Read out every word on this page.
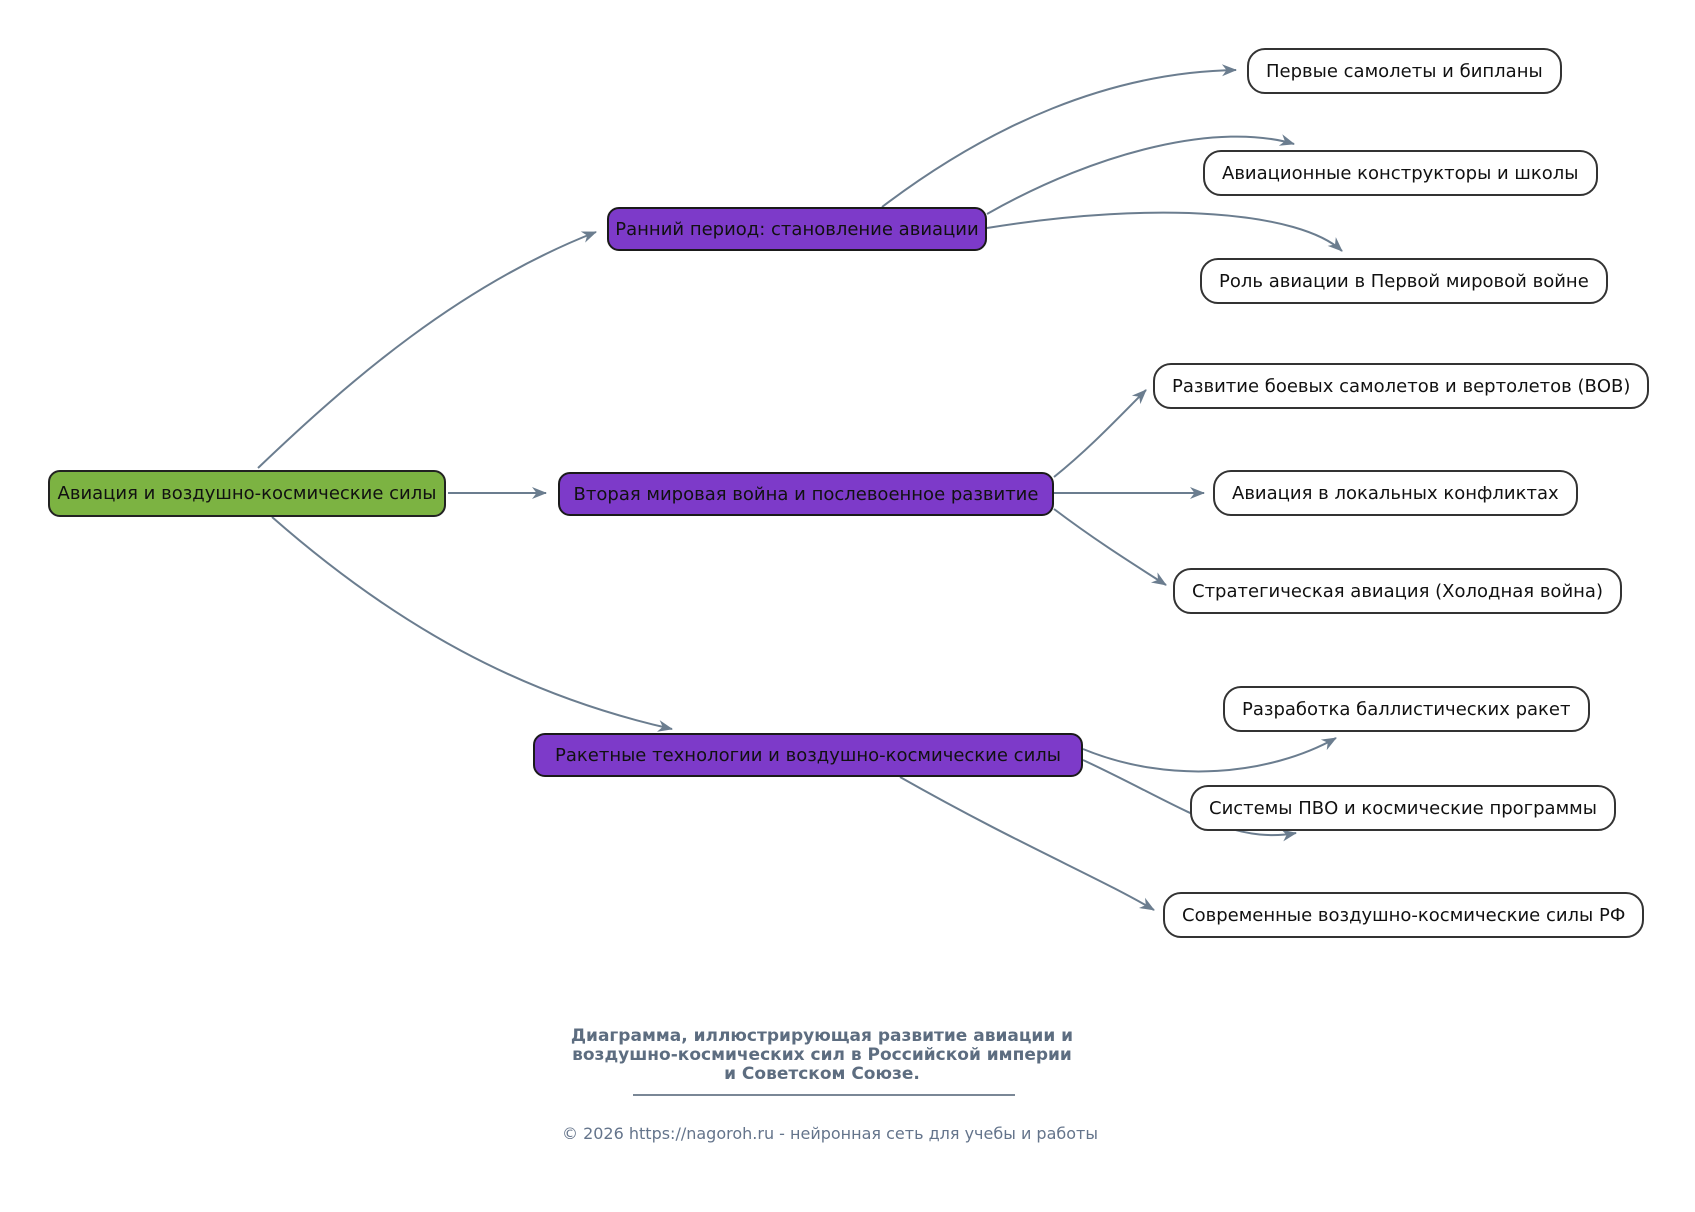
Авиация и воздушно-космические силы
Ранний период: становление авиации
Вторая мировая война и послевоенное развитие
Ракетные технологии и воздушно-космические силы
Первые самолеты и бипланы
Авиационные конструкторы и школы
Роль авиации в Первой мировой войне
Развитие боевых самолетов и вертолетов (ВОВ)
Авиация в локальных конфликтах
Стратегическая авиация (Холодная война)
Разработка баллистических ракет
Системы ПВО и космические программы
Современные воздушно-космические силы РФ
Диаграмма, иллюстрирующая развитие авиации и
воздушно-космических сил в Российской империи
и Советском Союзе.
© 2026 https://nagoroh.ru - нейронная сеть для учебы и работы
